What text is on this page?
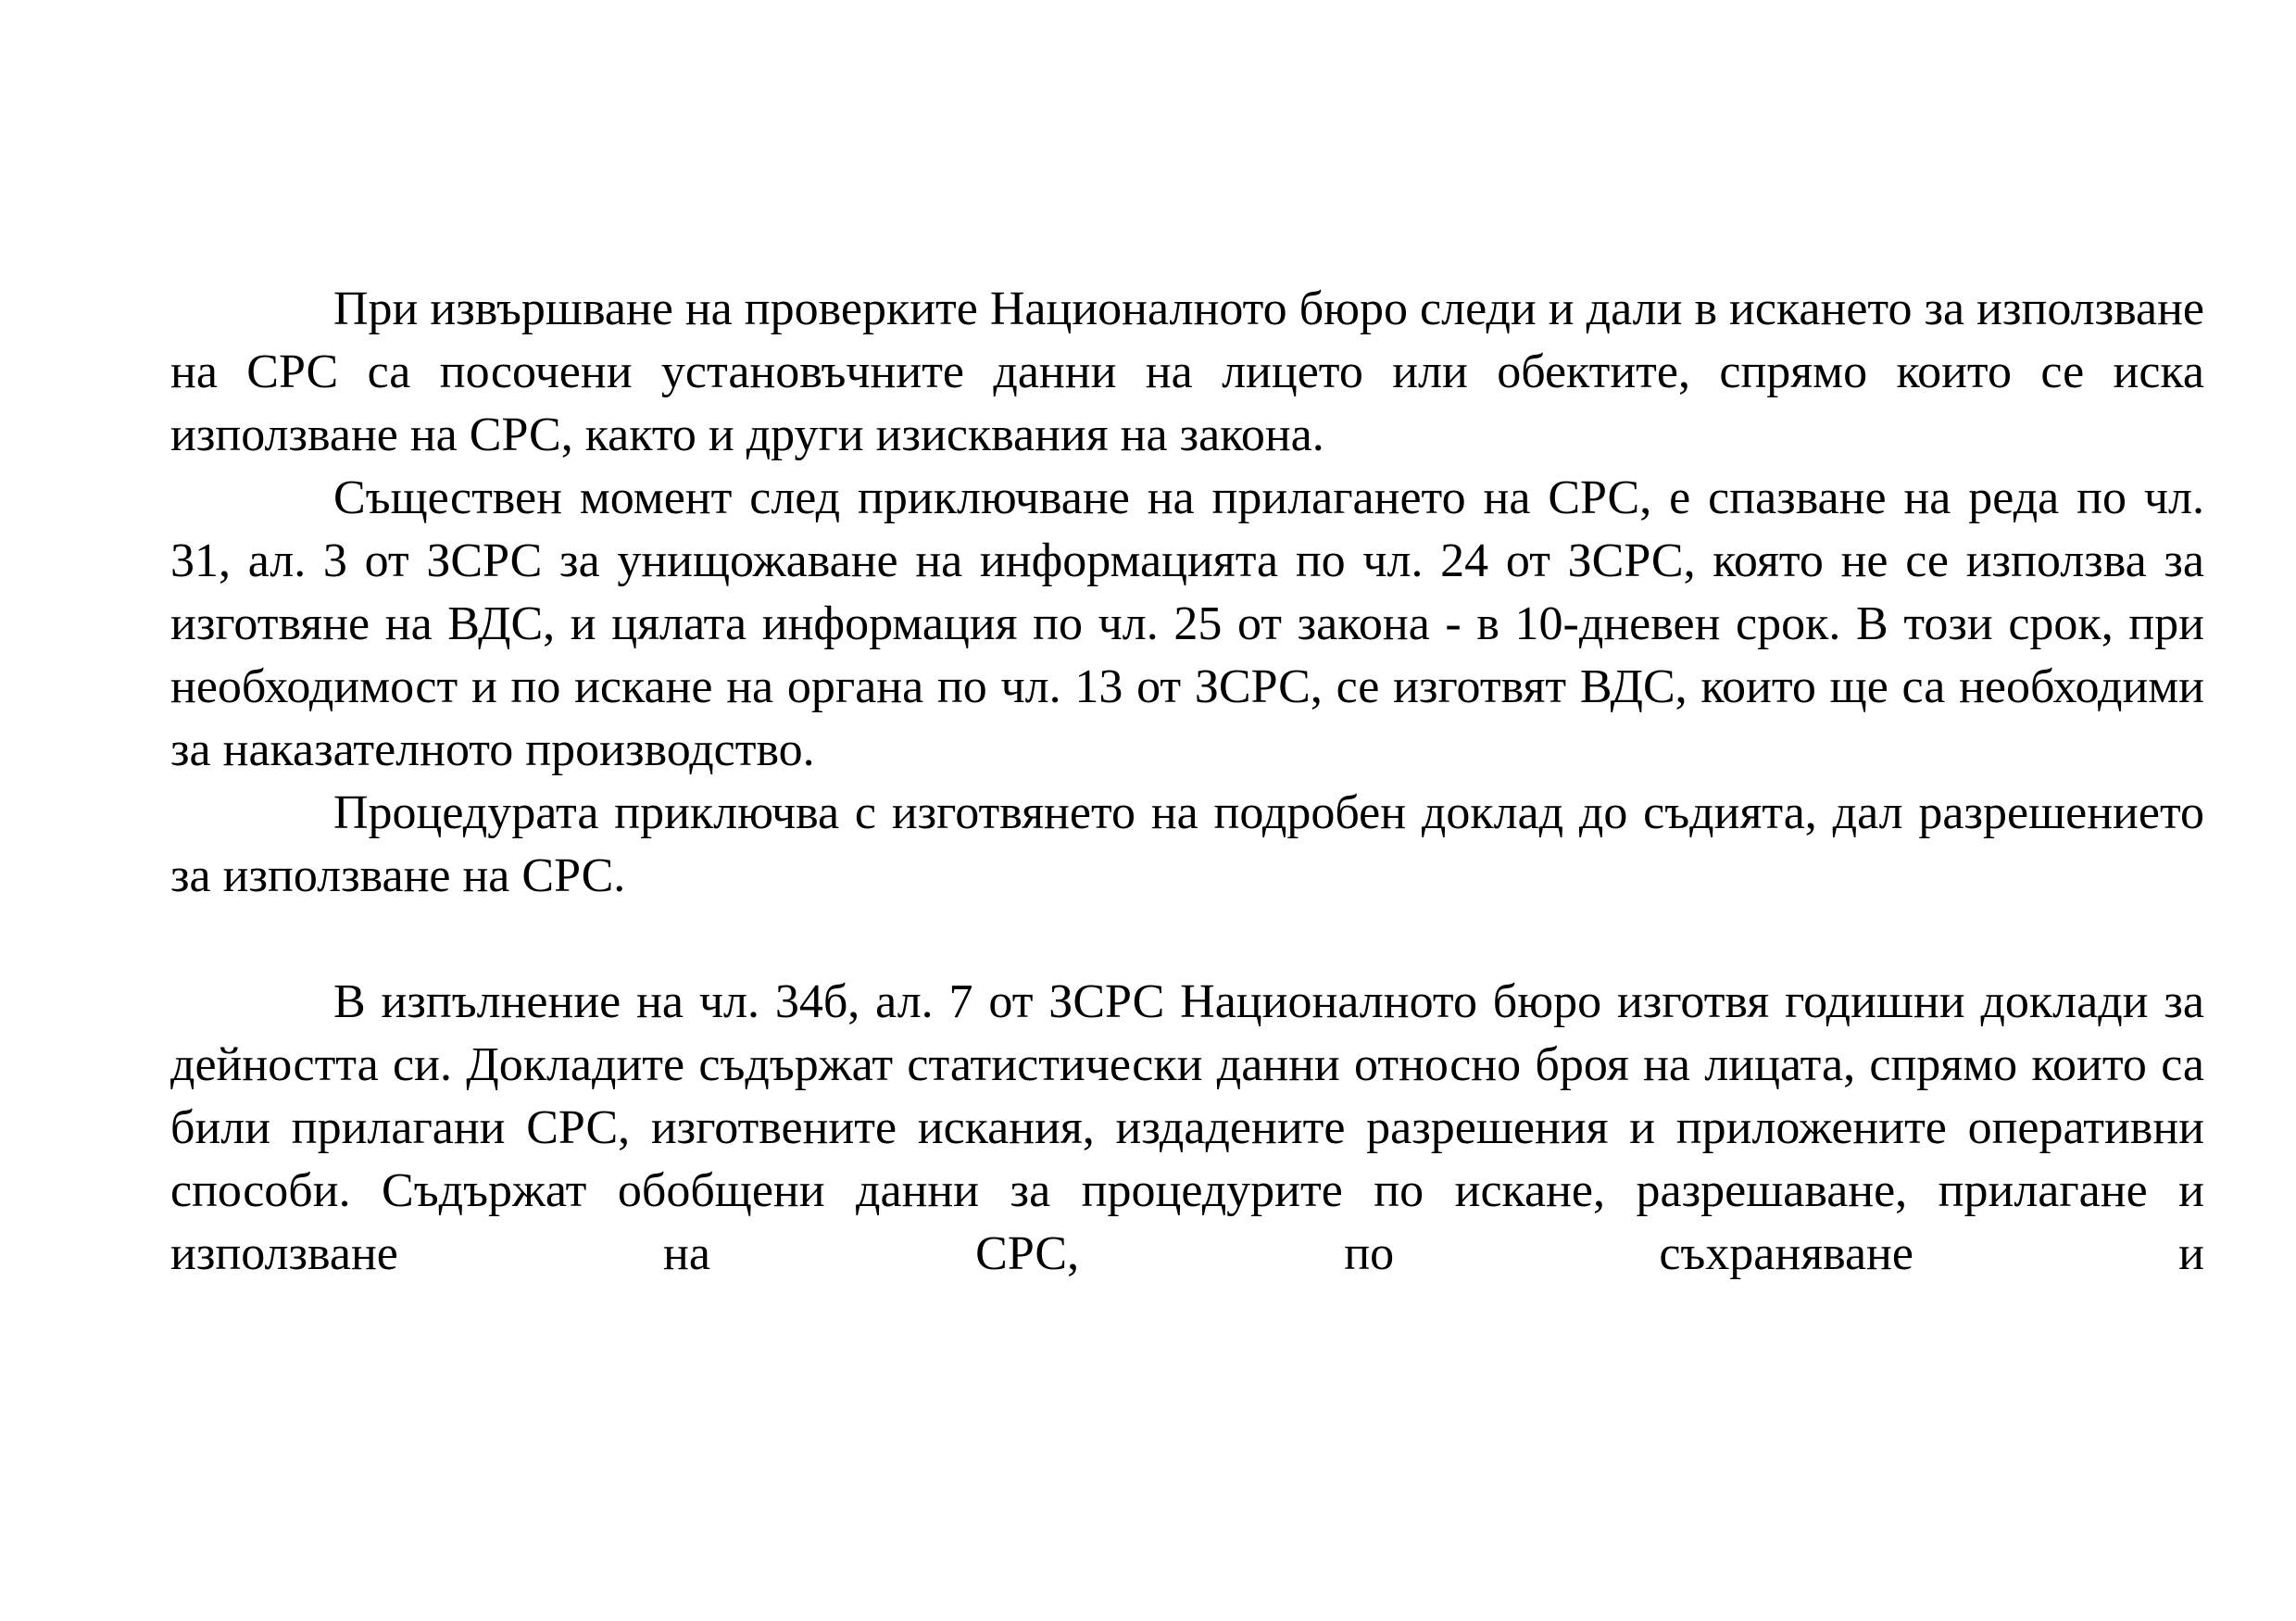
При извършване на проверките Националното бюро следи и дали в искането за използване на СРС са посочени установъчните данни на лицето или обектите, спрямо които се иска използване на СРС, както и други изисквания на закона.

Съществен момент след приключване на прилагането на СРС, е спазване на реда по чл. 31, ал. 3 от ЗСРС за унищожаване на информацията по чл. 24 от ЗСРС, която не се използва за изготвяне на ВДС, и цялата информация по чл. 25 от закона - в 10-дневен срок. В този срок, при необходимост и по искане на органа по чл. 13 от ЗСРС, се изготвят ВДС, които ще са необходими за наказателното производство.

Процедурата приключва с изготвянето на подробен доклад до съдията, дал разрешението за използване на СРС.

В изпълнение на чл. 34б, ал. 7 от ЗСРС Националното бюро изготвя годишни доклади за дейността си. Докладите съдържат статистически данни относно броя на лицата, спрямо които са били прилагани СРС, изготвените искания, издадените разрешения и приложените оперативни способи. Съдържат обобщени данни за процедурите по искане, разрешаване, прилагане и използване на СРС, по съхраняване и
